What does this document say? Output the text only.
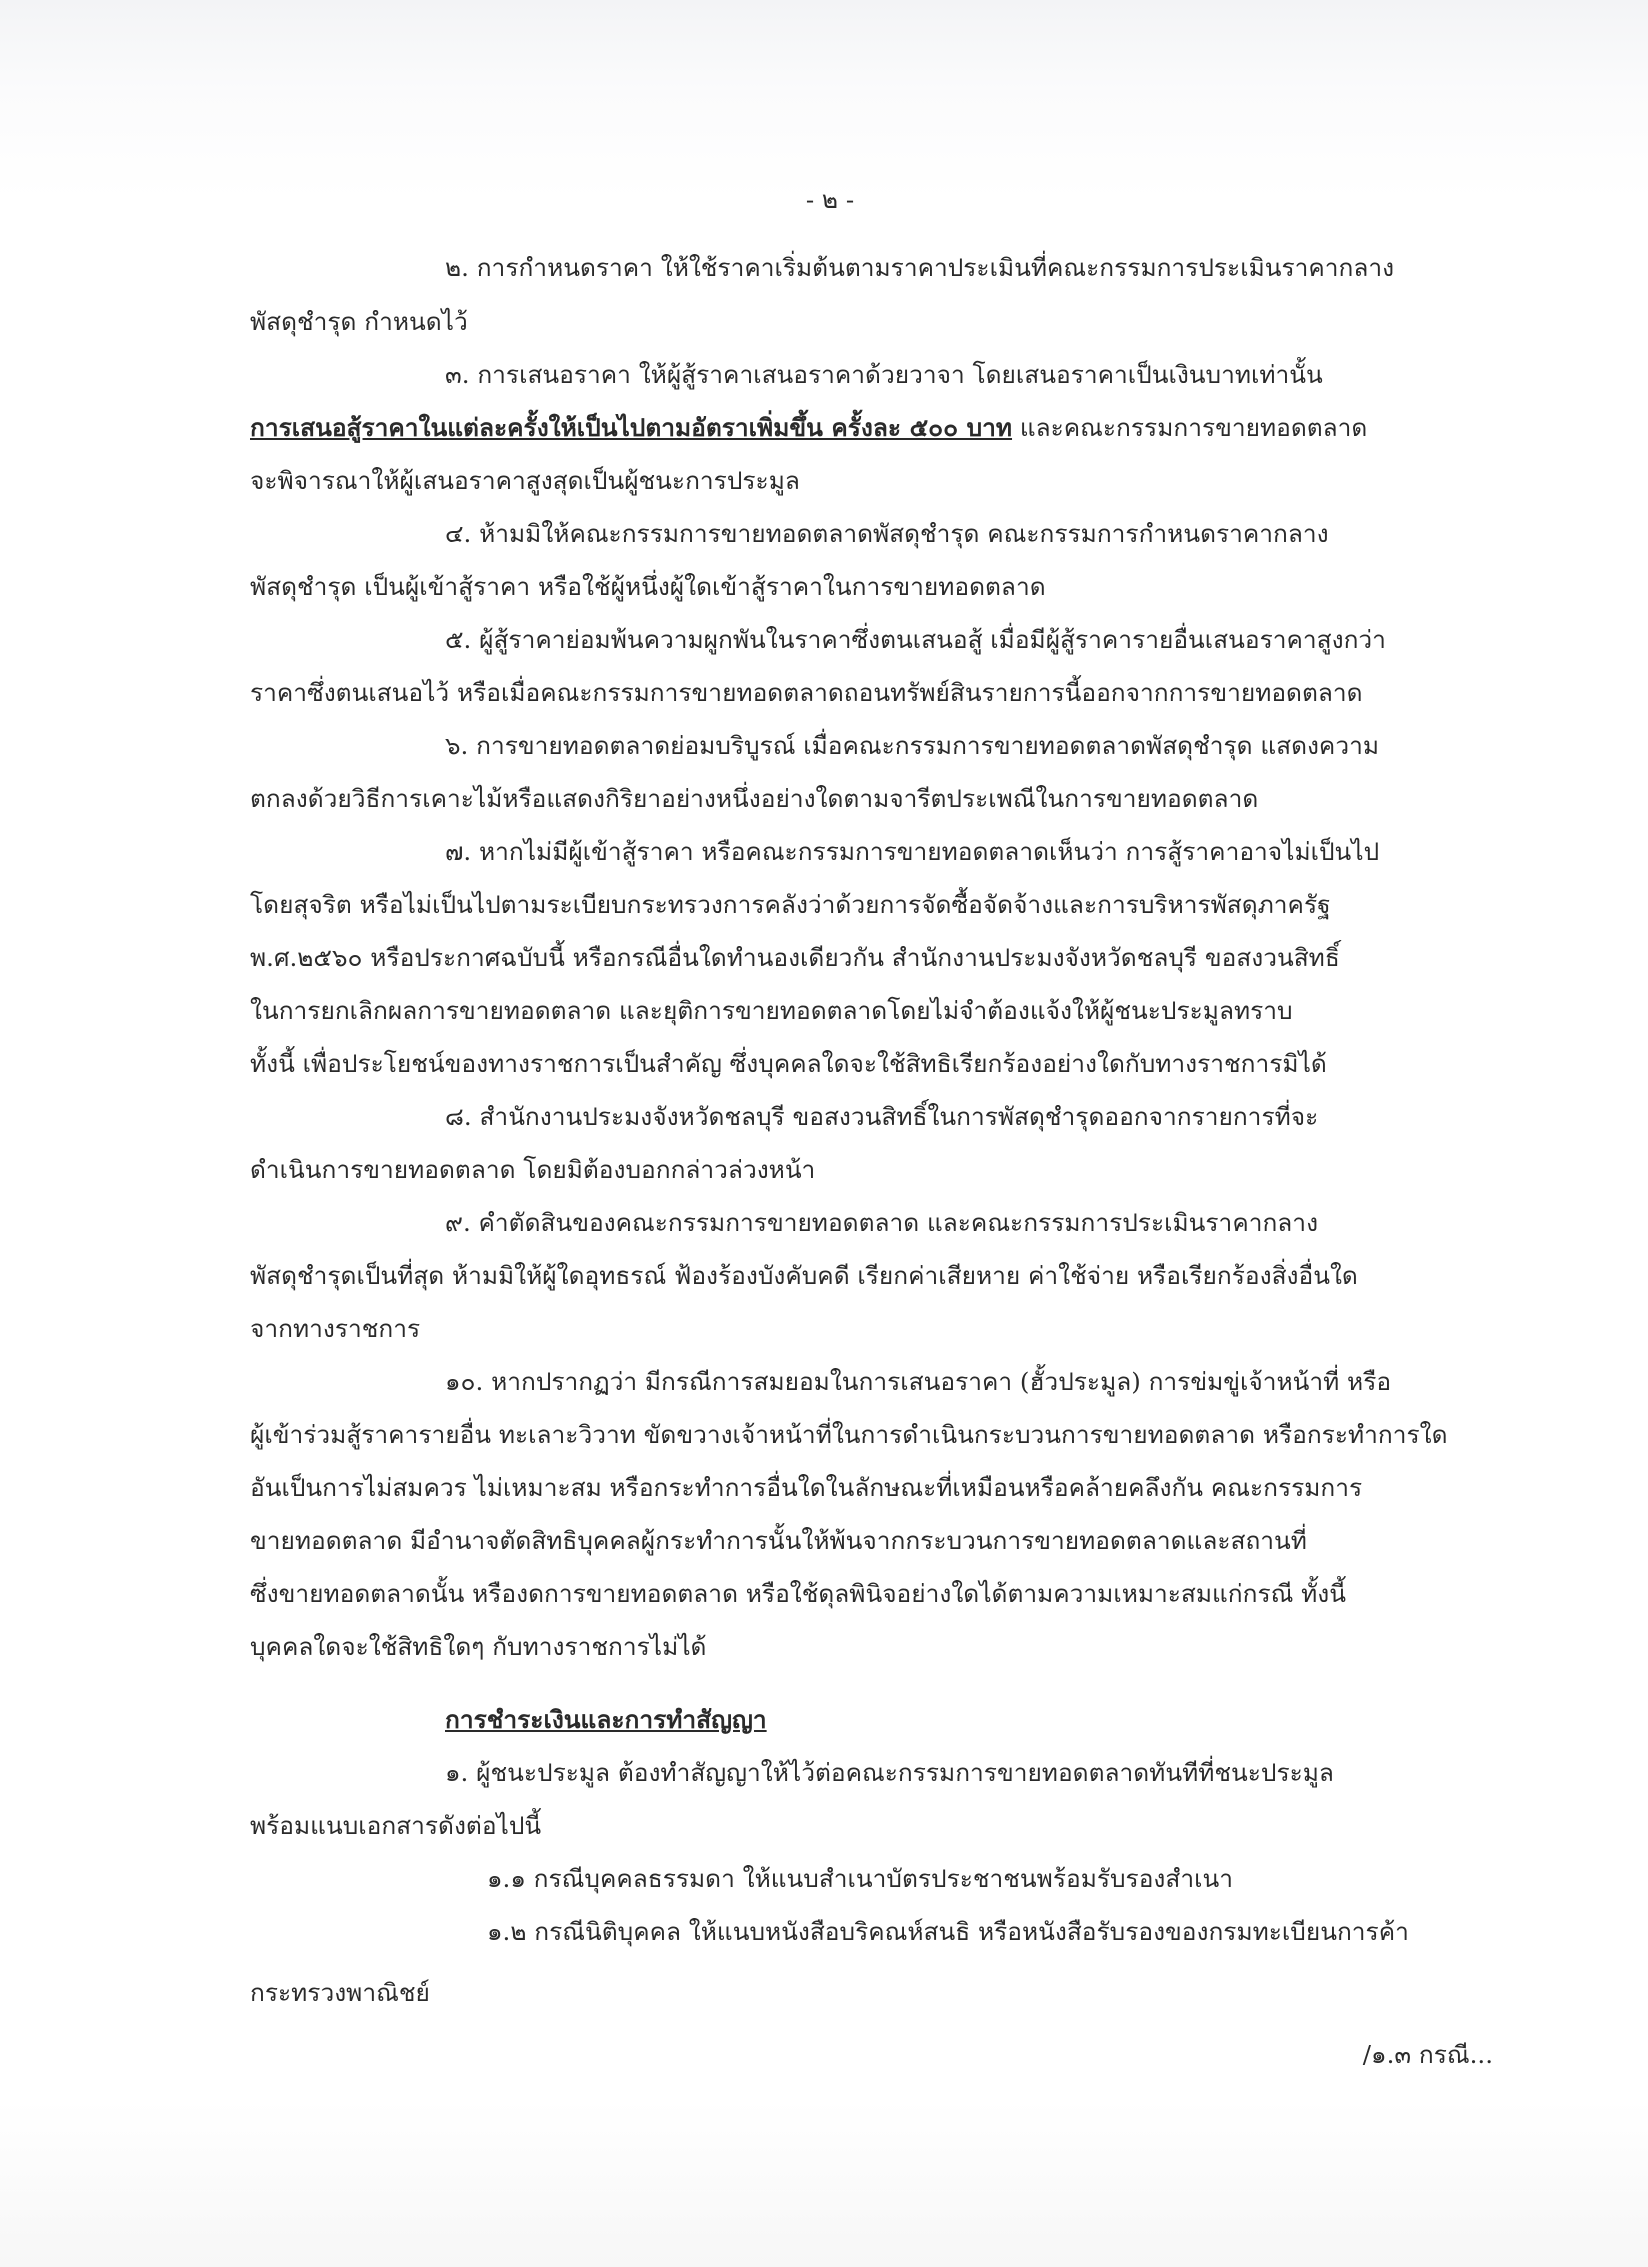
- ๒ -
๒. การกำหนดราคา ให้ใช้ราคาเริ่มต้นตามราคาประเมินที่คณะกรรมการประเมินราคากลาง
พัสดุชำรุด กำหนดไว้
๓. การเสนอราคา ให้ผู้สู้ราคาเสนอราคาด้วยวาจา โดยเสนอราคาเป็นเงินบาทเท่านั้น
การเสนอสู้ราคาในแต่ละครั้งให้เป็นไปตามอัตราเพิ่มขึ้น ครั้งละ ๕๐๐ บาท และคณะกรรมการขายทอดตลาด
จะพิจารณาให้ผู้เสนอราคาสูงสุดเป็นผู้ชนะการประมูล
๔. ห้ามมิให้คณะกรรมการขายทอดตลาดพัสดุชำรุด คณะกรรมการกำหนดราคากลาง
พัสดุชำรุด เป็นผู้เข้าสู้ราคา หรือใช้ผู้หนึ่งผู้ใดเข้าสู้ราคาในการขายทอดตลาด
๕. ผู้สู้ราคาย่อมพ้นความผูกพันในราคาซึ่งตนเสนอสู้ เมื่อมีผู้สู้ราคารายอื่นเสนอราคาสูงกว่า
ราคาซึ่งตนเสนอไว้ หรือเมื่อคณะกรรมการขายทอดตลาดถอนทรัพย์สินรายการนี้ออกจากการขายทอดตลาด
๖. การขายทอดตลาดย่อมบริบูรณ์ เมื่อคณะกรรมการขายทอดตลาดพัสดุชำรุด แสดงความ
ตกลงด้วยวิธีการเคาะไม้หรือแสดงกิริยาอย่างหนึ่งอย่างใดตามจารีตประเพณีในการขายทอดตลาด
๗. หากไม่มีผู้เข้าสู้ราคา หรือคณะกรรมการขายทอดตลาดเห็นว่า การสู้ราคาอาจไม่เป็นไป
โดยสุจริต หรือไม่เป็นไปตามระเบียบกระทรวงการคลังว่าด้วยการจัดซื้อจัดจ้างและการบริหารพัสดุภาครัฐ
พ.ศ.๒๕๖๐ หรือประกาศฉบับนี้ หรือกรณีอื่นใดทำนองเดียวกัน สำนักงานประมงจังหวัดชลบุรี ขอสงวนสิทธิ์
ในการยกเลิกผลการขายทอดตลาด และยุติการขายทอดตลาดโดยไม่จำต้องแจ้งให้ผู้ชนะประมูลทราบ
ทั้งนี้ เพื่อประโยชน์ของทางราชการเป็นสำคัญ ซึ่งบุคคลใดจะใช้สิทธิเรียกร้องอย่างใดกับทางราชการมิได้
๘. สำนักงานประมงจังหวัดชลบุรี ขอสงวนสิทธิ์ในการพัสดุชำรุดออกจากรายการที่จะ
ดำเนินการขายทอดตลาด โดยมิต้องบอกกล่าวล่วงหน้า
๙. คำตัดสินของคณะกรรมการขายทอดตลาด และคณะกรรมการประเมินราคากลาง
พัสดุชำรุดเป็นที่สุด ห้ามมิให้ผู้ใดอุทธรณ์ ฟ้องร้องบังคับคดี เรียกค่าเสียหาย ค่าใช้จ่าย หรือเรียกร้องสิ่งอื่นใด
จากทางราชการ
๑๐. หากปรากฏว่า มีกรณีการสมยอมในการเสนอราคา (ฮั้วประมูล) การข่มขู่เจ้าหน้าที่ หรือ
ผู้เข้าร่วมสู้ราคารายอื่น ทะเลาะวิวาท ขัดขวางเจ้าหน้าที่ในการดำเนินกระบวนการขายทอดตลาด หรือกระทำการใด
อันเป็นการไม่สมควร ไม่เหมาะสม หรือกระทำการอื่นใดในลักษณะที่เหมือนหรือคล้ายคลึงกัน คณะกรรมการ
ขายทอดตลาด มีอำนาจตัดสิทธิบุคคลผู้กระทำการนั้นให้พ้นจากกระบวนการขายทอดตลาดและสถานที่
ซึ่งขายทอดตลาดนั้น หรืองดการขายทอดตลาด หรือใช้ดุลพินิจอย่างใดได้ตามความเหมาะสมแก่กรณี ทั้งนี้
บุคคลใดจะใช้สิทธิใดๆ กับทางราชการไม่ได้
การชำระเงินและการทำสัญญา
๑. ผู้ชนะประมูล ต้องทำสัญญาให้ไว้ต่อคณะกรรมการขายทอดตลาดทันทีที่ชนะประมูล
พร้อมแนบเอกสารดังต่อไปนี้
๑.๑ กรณีบุคคลธรรมดา ให้แนบสำเนาบัตรประชาชนพร้อมรับรองสำเนา
๑.๒ กรณีนิติบุคคล ให้แนบหนังสือบริคณห์สนธิ หรือหนังสือรับรองของกรมทะเบียนการค้า
กระทรวงพาณิชย์
/๑.๓ กรณี...
